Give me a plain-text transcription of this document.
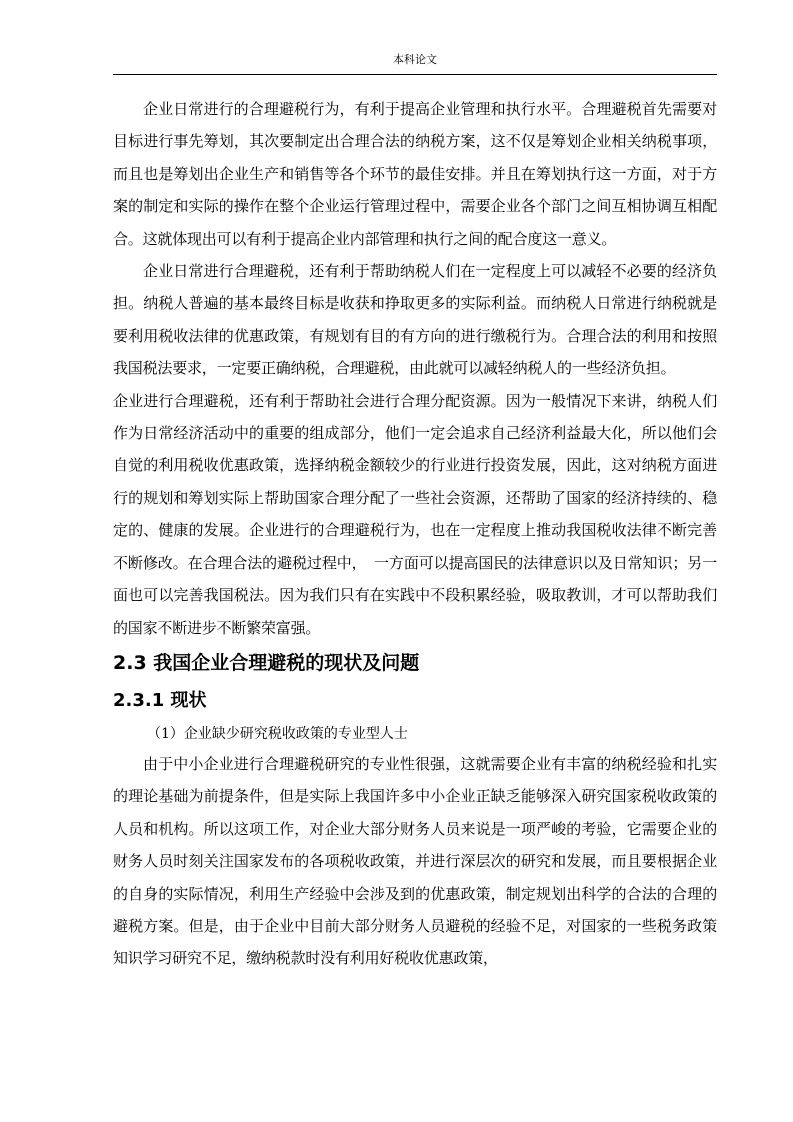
本科论文

企业日常进行的合理避税行为，有利于提高企业管理和执行水平。合理避税首先需要对目标进行事先筹划，其次要制定出合理合法的纳税方案，这不仅是筹划企业相关纳税事项，而且也是筹划出企业生产和销售等各个环节的最佳安排。并且在筹划执行这一方面，对于方案的制定和实际的操作在整个企业运行管理过程中，需要企业各个部门之间互相协调互相配合。这就体现出可以有利于提高企业内部管理和执行之间的配合度这一意义。

企业日常进行合理避税，还有利于帮助纳税人们在一定程度上可以减轻不必要的经济负担。纳税人普遍的基本最终目标是收获和挣取更多的实际利益。而纳税人日常进行纳税就是要利用税收法律的优惠政策，有规划有目的有方向的进行缴税行为。合理合法的利用和按照我国税法要求，一定要正确纳税，合理避税，由此就可以减轻纳税人的一些经济负担。

企业进行合理避税，还有利于帮助社会进行合理分配资源。因为一般情况下来讲，纳税人们作为日常经济活动中的重要的组成部分，他们一定会追求自己经济利益最大化，所以他们会自觉的利用税收优惠政策，选择纳税金额较少的行业进行投资发展，因此，这对纳税方面进行的规划和筹划实际上帮助国家合理分配了一些社会资源，还帮助了国家的经济持续的、稳定的、健康的发展。企业进行的合理避税行为，也在一定程度上推动我国税收法律不断完善不断修改。在合理合法的避税过程中，　一方面可以提高国民的法律意识以及日常知识；另一面也可以完善我国税法。因为我们只有在实践中不段积累经验，吸取教训，才可以帮助我们的国家不断进步不断繁荣富强。

2.3 我国企业合理避税的现状及问题
2.3.1 现状

（1）企业缺少研究税收政策的专业型人士

由于中小企业进行合理避税研究的专业性很强，这就需要企业有丰富的纳税经验和扎实的理论基础为前提条件，但是实际上我国许多中小企业正缺乏能够深入研究国家税收政策的人员和机构。所以这项工作，对企业大部分财务人员来说是一项严峻的考验，它需要企业的财务人员时刻关注国家发布的各项税收政策，并进行深层次的研究和发展，而且要根据企业的自身的实际情况，利用生产经验中会涉及到的优惠政策，制定规划出科学的合法的合理的避税方案。但是，由于企业中目前大部分财务人员避税的经验不足，对国家的一些税务政策知识学习研究不足，缴纳税款时没有利用好税收优惠政策，
